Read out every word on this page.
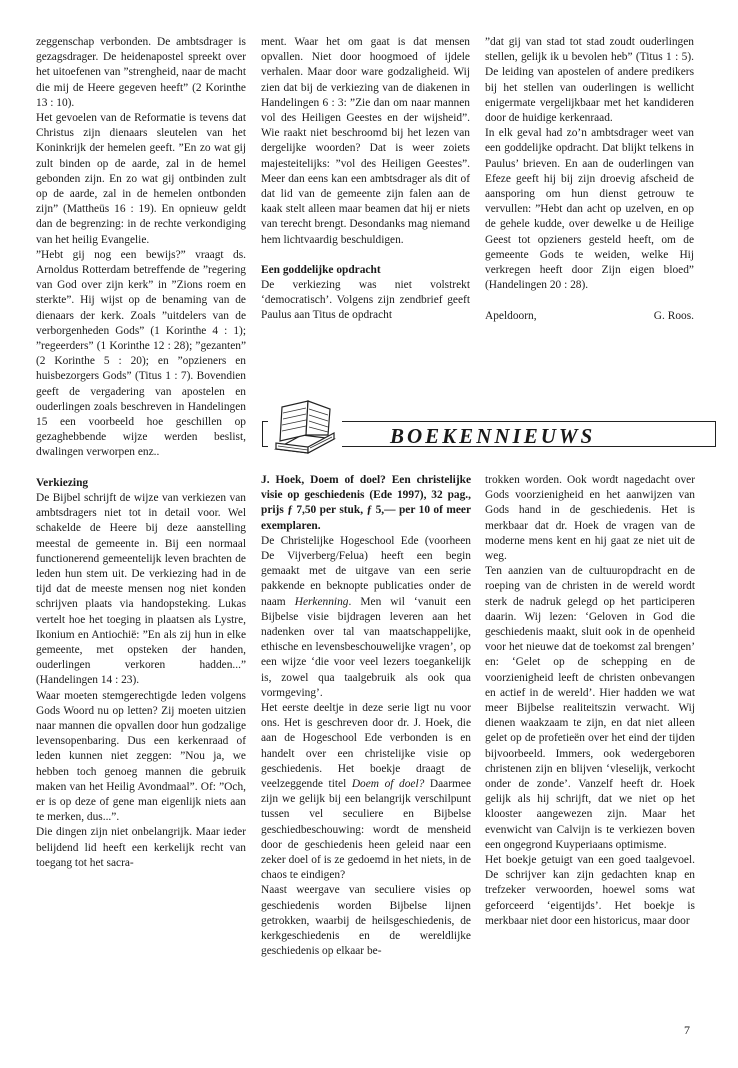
zeggenschap verbonden. De ambtsdrager is gezagsdrager. De heidenapostel spreekt over het uitoefenen van ”strengheid, naar de macht die mij de Heere gegeven heeft” (2 Korinthe 13 : 10).

Het gevoelen van de Reformatie is tevens dat Christus zijn dienaars sleutelen van het Koninkrijk der hemelen geeft. ”En zo wat gij zult binden op de aarde, zal in de hemel gebonden zijn. En zo wat gij ontbinden zult op de aarde, zal in de hemelen ontbonden zijn” (Mattheüs 16 : 19). En opnieuw geldt dan de begrenzing: in de rechte verkondiging van het heilig Evangelie.

”Hebt gij nog een bewijs?” vraagt ds. Arnoldus Rotterdam betreffende de ”regering van God over zijn kerk” in ”Zions roem en sterkte”. Hij wijst op de benaming van de dienaars der kerk. Zoals ”uitdelers van de verborgenheden Gods” (1 Korinthe 4 : 1); ”regeerders” (1 Korinthe 12 : 28); ”gezanten” (2 Korinthe 5 : 20); en ”opzieners en huisbezorgers Gods” (Titus 1 : 7). Bovendien geeft de vergadering van apostelen en ouderlingen zoals beschreven in Handelingen 15 een voorbeeld hoe geschillen op gezaghebbende wijze werden beslist, dwalingen verworpen enz..

Verkiezing

De Bijbel schrijft de wijze van verkiezen van ambtsdragers niet tot in detail voor. Wel schakelde de Heere bij deze aanstelling meestal de gemeente in. Bij een normaal functionerend gemeentelijk leven brachten de leden hun stem uit. De verkiezing had in de tijd dat de meeste mensen nog niet konden schrijven plaats via handopsteking. Lukas vertelt hoe het toeging in plaatsen als Lystre, Ikonium en Antiochië: ”En als zij hun in elke gemeente, met opsteken der handen, ouderlingen verkoren hadden...” (Handelingen 14 : 23).

Waar moeten stemgerechtigde leden volgens Gods Woord nu op letten? Zij moeten uitzien naar mannen die opvallen door hun godzalige levensopenbaring. Dus een kerkenraad of leden kunnen niet zeggen: ”Nou ja, we hebben toch genoeg mannen die gebruik maken van het Heilig Avondmaal”. Of: ”Och, er is op deze of gene man eigenlijk niets aan te merken, dus...”.

Die dingen zijn niet onbelangrijk. Maar ieder belijdend lid heeft een kerkelijk recht van toegang tot het sacra-

ment. Waar het om gaat is dat mensen opvallen. Niet door hoogmoed of ijdele verhalen. Maar door ware godzaligheid. Wij zien dat bij de verkiezing van de diakenen in Handelingen 6 : 3: ”Zie dan om naar mannen vol des Heiligen Geestes en der wijsheid”. Wie raakt niet beschroomd bij het lezen van dergelijke woorden? Dat is weer zoiets majesteitelijks: ”vol des Heiligen Geestes”. Meer dan eens kan een ambtsdrager als dit of dat lid van de gemeente zijn falen aan de kaak stelt alleen maar beamen dat hij er niets van terecht brengt. Desondanks mag niemand hem lichtvaardig beschuldigen.

Een goddelijke opdracht

De verkiezing was niet volstrekt ‘democratisch’. Volgens zijn zendbrief geeft Paulus aan Titus de opdracht

”dat gij van stad tot stad zoudt ouderlingen stellen, gelijk ik u bevolen heb” (Titus 1 : 5). De leiding van apostelen of andere predikers bij het stellen van ouderlingen is wellicht enigermate vergelijkbaar met het kandideren door de huidige kerkenraad.

In elk geval had zo’n ambtsdrager weet van een goddelijke opdracht. Dat blijkt telkens in Paulus’ brieven. En aan de ouderlingen van Efeze geeft hij bij zijn droevig afscheid de aansporing om hun dienst getrouw te vervullen: ”Hebt dan acht op uzelven, en op de gehele kudde, over dewelke u de Heilige Geest tot opzieners gesteld heeft, om de gemeente Gods te weiden, welke Hij verkregen heeft door Zijn eigen bloed” (Handelingen 20 : 28).

Apeldoorn,	G. Roos.
BOEKENNIEUWS

J. Hoek, Doem of doel? Een christelijke visie op geschiedenis (Ede 1997), 32 pag., prijs ƒ 7,50 per stuk, ƒ 5,— per 10 of meer exemplaren.

De Christelijke Hogeschool Ede (voorheen De Vijverberg/Felua) heeft een begin gemaakt met de uitgave van een serie pakkende en beknopte publicaties onder de naam Herkenning. Men wil ‘vanuit een Bijbelse visie bijdragen leveren aan het nadenken over tal van maatschappelijke, ethische en levensbeschouwelijke vragen’, op een wijze ‘die voor veel lezers toegankelijk is, zowel qua taalgebruik als ook qua vormgeving’.

Het eerste deeltje in deze serie ligt nu voor ons. Het is geschreven door dr. J. Hoek, die aan de Hogeschool Ede verbonden is en handelt over een christelijke visie op geschiedenis. Het boekje draagt de veelzeggende titel Doem of doel? Daarmee zijn we gelijk bij een belangrijk verschilpunt tussen vel seculiere en Bijbelse geschiedbeschouwing: wordt de mensheid door de geschiedenis heen geleid naar een zeker doel of is ze gedoemd in het niets, in de chaos te eindigen?

Naast weergave van seculiere visies op geschiedenis worden Bijbelse lijnen getrokken, waarbij de heilsgeschiedenis, de kerkgeschiedenis en de wereldlijke geschiedenis op elkaar be-

trokken worden. Ook wordt nagedacht over Gods voorzienigheid en het aanwijzen van Gods hand in de geschiedenis. Het is merkbaar dat dr. Hoek de vragen van de moderne mens kent en hij gaat ze niet uit de weg.

Ten aanzien van de cultuuropdracht en de roeping van de christen in de wereld wordt sterk de nadruk gelegd op het participeren daarin. Wij lezen: ‘Geloven in God die geschiedenis maakt, sluit ook in de openheid voor het nieuwe dat de toekomst zal brengen’ en: ‘Gelet op de schepping en de voorzienigheid leeft de christen onbevangen en actief in de wereld’. Hier hadden we wat meer Bijbelse realiteitszin verwacht. Wij dienen waakzaam te zijn, en dat niet alleen gelet op de profetieën over het eind der tijden bijvoorbeeld. Immers, ook wedergeboren christenen zijn en blijven ‘vleselijk, verkocht onder de zonde’. Vanzelf heeft dr. Hoek gelijk als hij schrijft, dat we niet op het klooster aangewezen zijn. Maar het evenwicht van Calvijn is te verkiezen boven een ongegrond Kuyperiaans optimisme.

Het boekje getuigt van een goed taalgevoel. De schrijver kan zijn gedachten knap en trefzeker verwoorden, hoewel soms wat geforceerd ‘eigentijds’. Het boekje is merkbaar niet door een historicus, maar door

7
